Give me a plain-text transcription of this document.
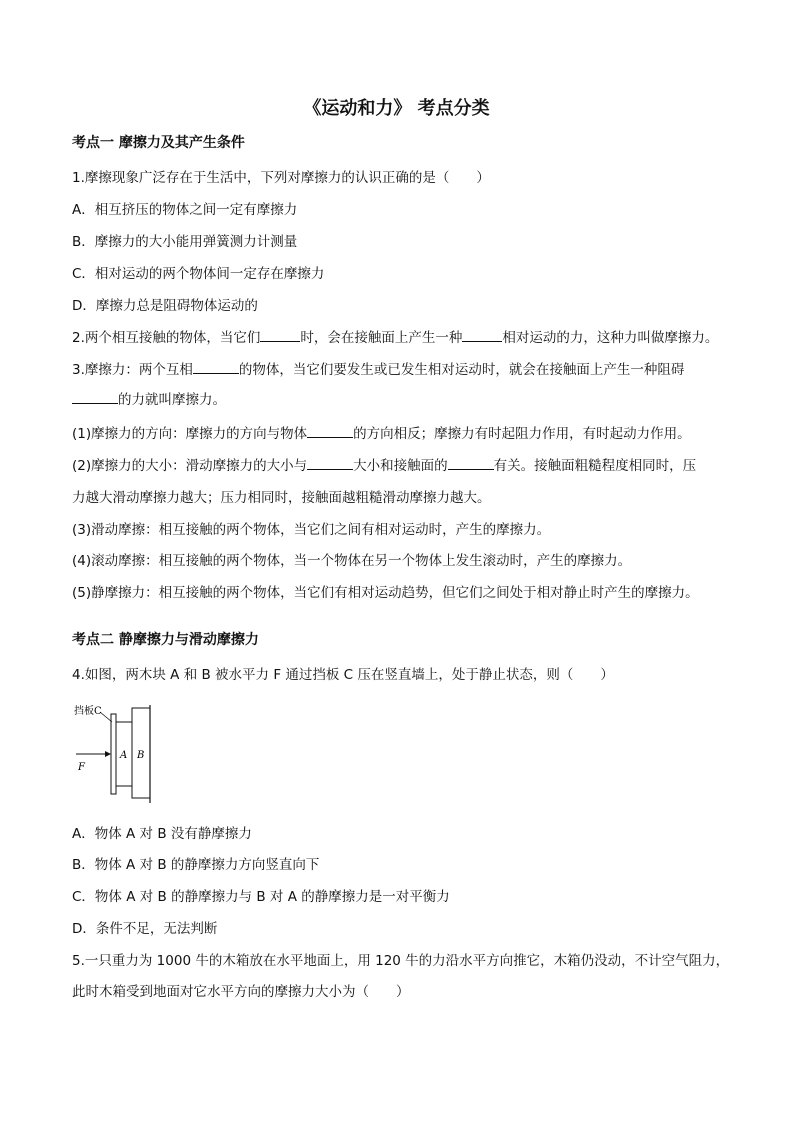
《运动和力》 考点分类
考点一 摩擦力及其产生条件
1.摩擦现象广泛存在于生活中，下列对摩擦力的认识正确的是（　　）
A．相互挤压的物体之间一定有摩擦力
B．摩擦力的大小能用弹簧测力计测量
C．相对运动的两个物体间一定存在摩擦力
D．摩擦力总是阻碍物体运动的
2.两个相互接触的物体，当它们	时，会在接触面上产生一种	相对运动的力，这种力叫做摩擦力。
3.摩擦力：两个互相	的物体，当它们要发生或已发生相对运动时，就会在接触面上产生一种阻碍
的力就叫摩擦力。
(1)摩擦力的方向：摩擦力的方向与物体	的方向相反；摩擦力有时起阻力作用，有时起动力作用。
(2)摩擦力的大小：滑动摩擦力的大小与	大小和接触面的	有关。接触面粗糙程度相同时，压
力越大滑动摩擦力越大；压力相同时，接触面越粗糙滑动摩擦力越大。
(3)滑动摩擦：相互接触的两个物体，当它们之间有相对运动时，产生的摩擦力。
(4)滚动摩擦：相互接触的两个物体，当一个物体在另一个物体上发生滚动时，产生的摩擦力。
(5)静摩擦力：相互接触的两个物体，当它们有相对运动趋势，但它们之间处于相对静止时产生的摩擦力。
考点二 静摩擦力与滑动摩擦力
4.如图，两木块 A 和 B 被水平力 F 通过挡板 C 压在竖直墙上，处于静止状态，则（　　）
挡板C
A B
F
A．物体 A 对 B 没有静摩擦力
B．物体 A 对 B 的静摩擦力方向竖直向下
C．物体 A 对 B 的静摩擦力与 B 对 A 的静摩擦力是一对平衡力
D．条件不足，无法判断
5.一只重力为 1000 牛的木箱放在水平地面上，用 120 牛的力沿水平方向推它，木箱仍没动，不计空气阻力，
此时木箱受到地面对它水平方向的摩擦力大小为（　　）
